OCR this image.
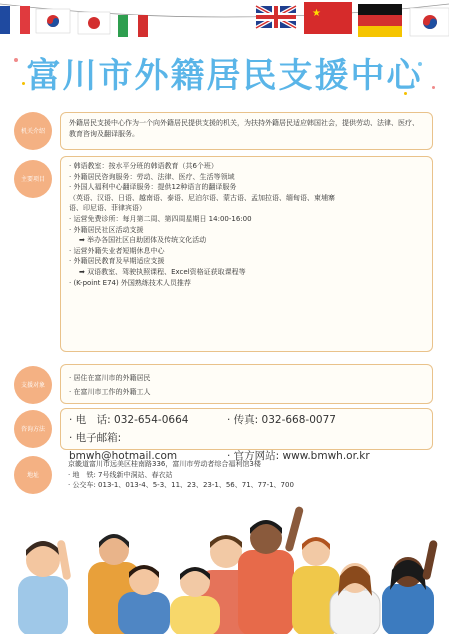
★
富川市外籍居民支援中心
机关介绍

外籍居民支援中心作为一个向外籍居民提供支援的机关，为扶持外籍居民适应韩国社会，提供劳动、法律、医疗、教育咨询及翻译服务。

主要项目

· 韩语教室：按水平分班的韩语教育（共6个班）

· 外籍居民咨询服务：劳动、法律、医疗、生活等领域

· 外国人福利中心翻译服务：提供12种语言的翻译服务

（英语、汉语、日语、越南语、泰语、尼泊尔语、蒙古语、孟加拉语、缅甸语、柬埔寨

语、印尼语、菲律宾语）

· 运营免费诊所：每月第二周、第四周星期日 14:00-16:00

· 外籍居民社区活动支援

➡ 举办各国社区自助团体及传统文化活动

· 运营外籍失业者短期休息中心

· 外籍居民教育及早期适应支援

➡ 双语教室、驾驶执照课程、Excel资格证获取课程等

· (K-point E74) 外国熟练技术人员推荐

支援对象

· 居住在富川市的外籍居民

· 在富川市工作的外籍工人

咨询方法

· 电　话: 032-654-0664	· 传真: 032-668-0077

· 电子邮箱: bmwh@hotmail.com	· 官方网站: www.bmwh.or.kr

地址

京畿道富川市远美区桂南路336，富川市劳动者综合福利馆3楼

· 地　铁: 7号线新中洞站、春衣站

· 公交车: 013-1、013-4、5-3、11、23、23-1、56、71、77-1、700
